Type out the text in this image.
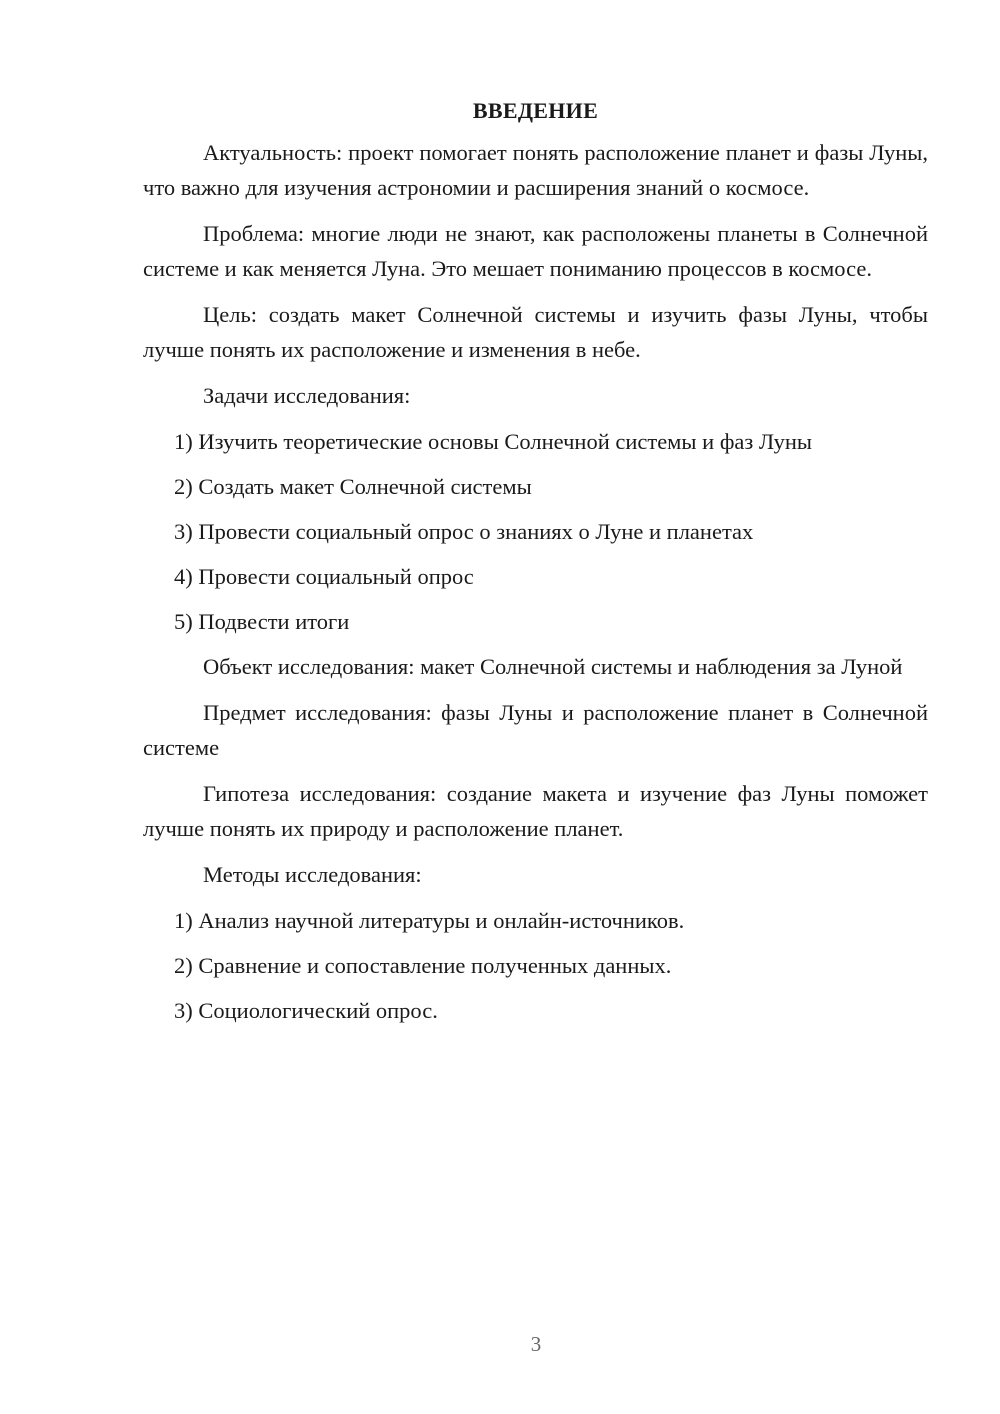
ВВЕДЕНИЕ

Актуальность: проект помогает понять расположение планет и фазы Луны, что важно для изучения астрономии и расширения знаний о космосе.

Проблема: многие люди не знают, как расположены планеты в Солнечной системе и как меняется Луна. Это мешает пониманию процессов в космосе.

Цель: создать макет Солнечной системы и изучить фазы Луны, чтобы лучше понять их расположение и изменения в небе.

Задачи исследования:

1) Изучить теоретические основы Солнечной системы и фаз Луны
2) Создать макет Солнечной системы
3) Провести социальный опрос о знаниях о Луне и планетах
4) Провести социальный опрос
5) Подвести итоги

Объект исследования: макет Солнечной системы и наблюдения за Луной

Предмет исследования: фазы Луны и расположение планет в Солнечной системе

Гипотеза исследования: создание макета и изучение фаз Луны поможет лучше понять их природу и расположение планет.

Методы исследования:

1) Анализ научной литературы и онлайн-источников.
2) Сравнение и сопоставление полученных данных.
3) Социологический опрос.
3
